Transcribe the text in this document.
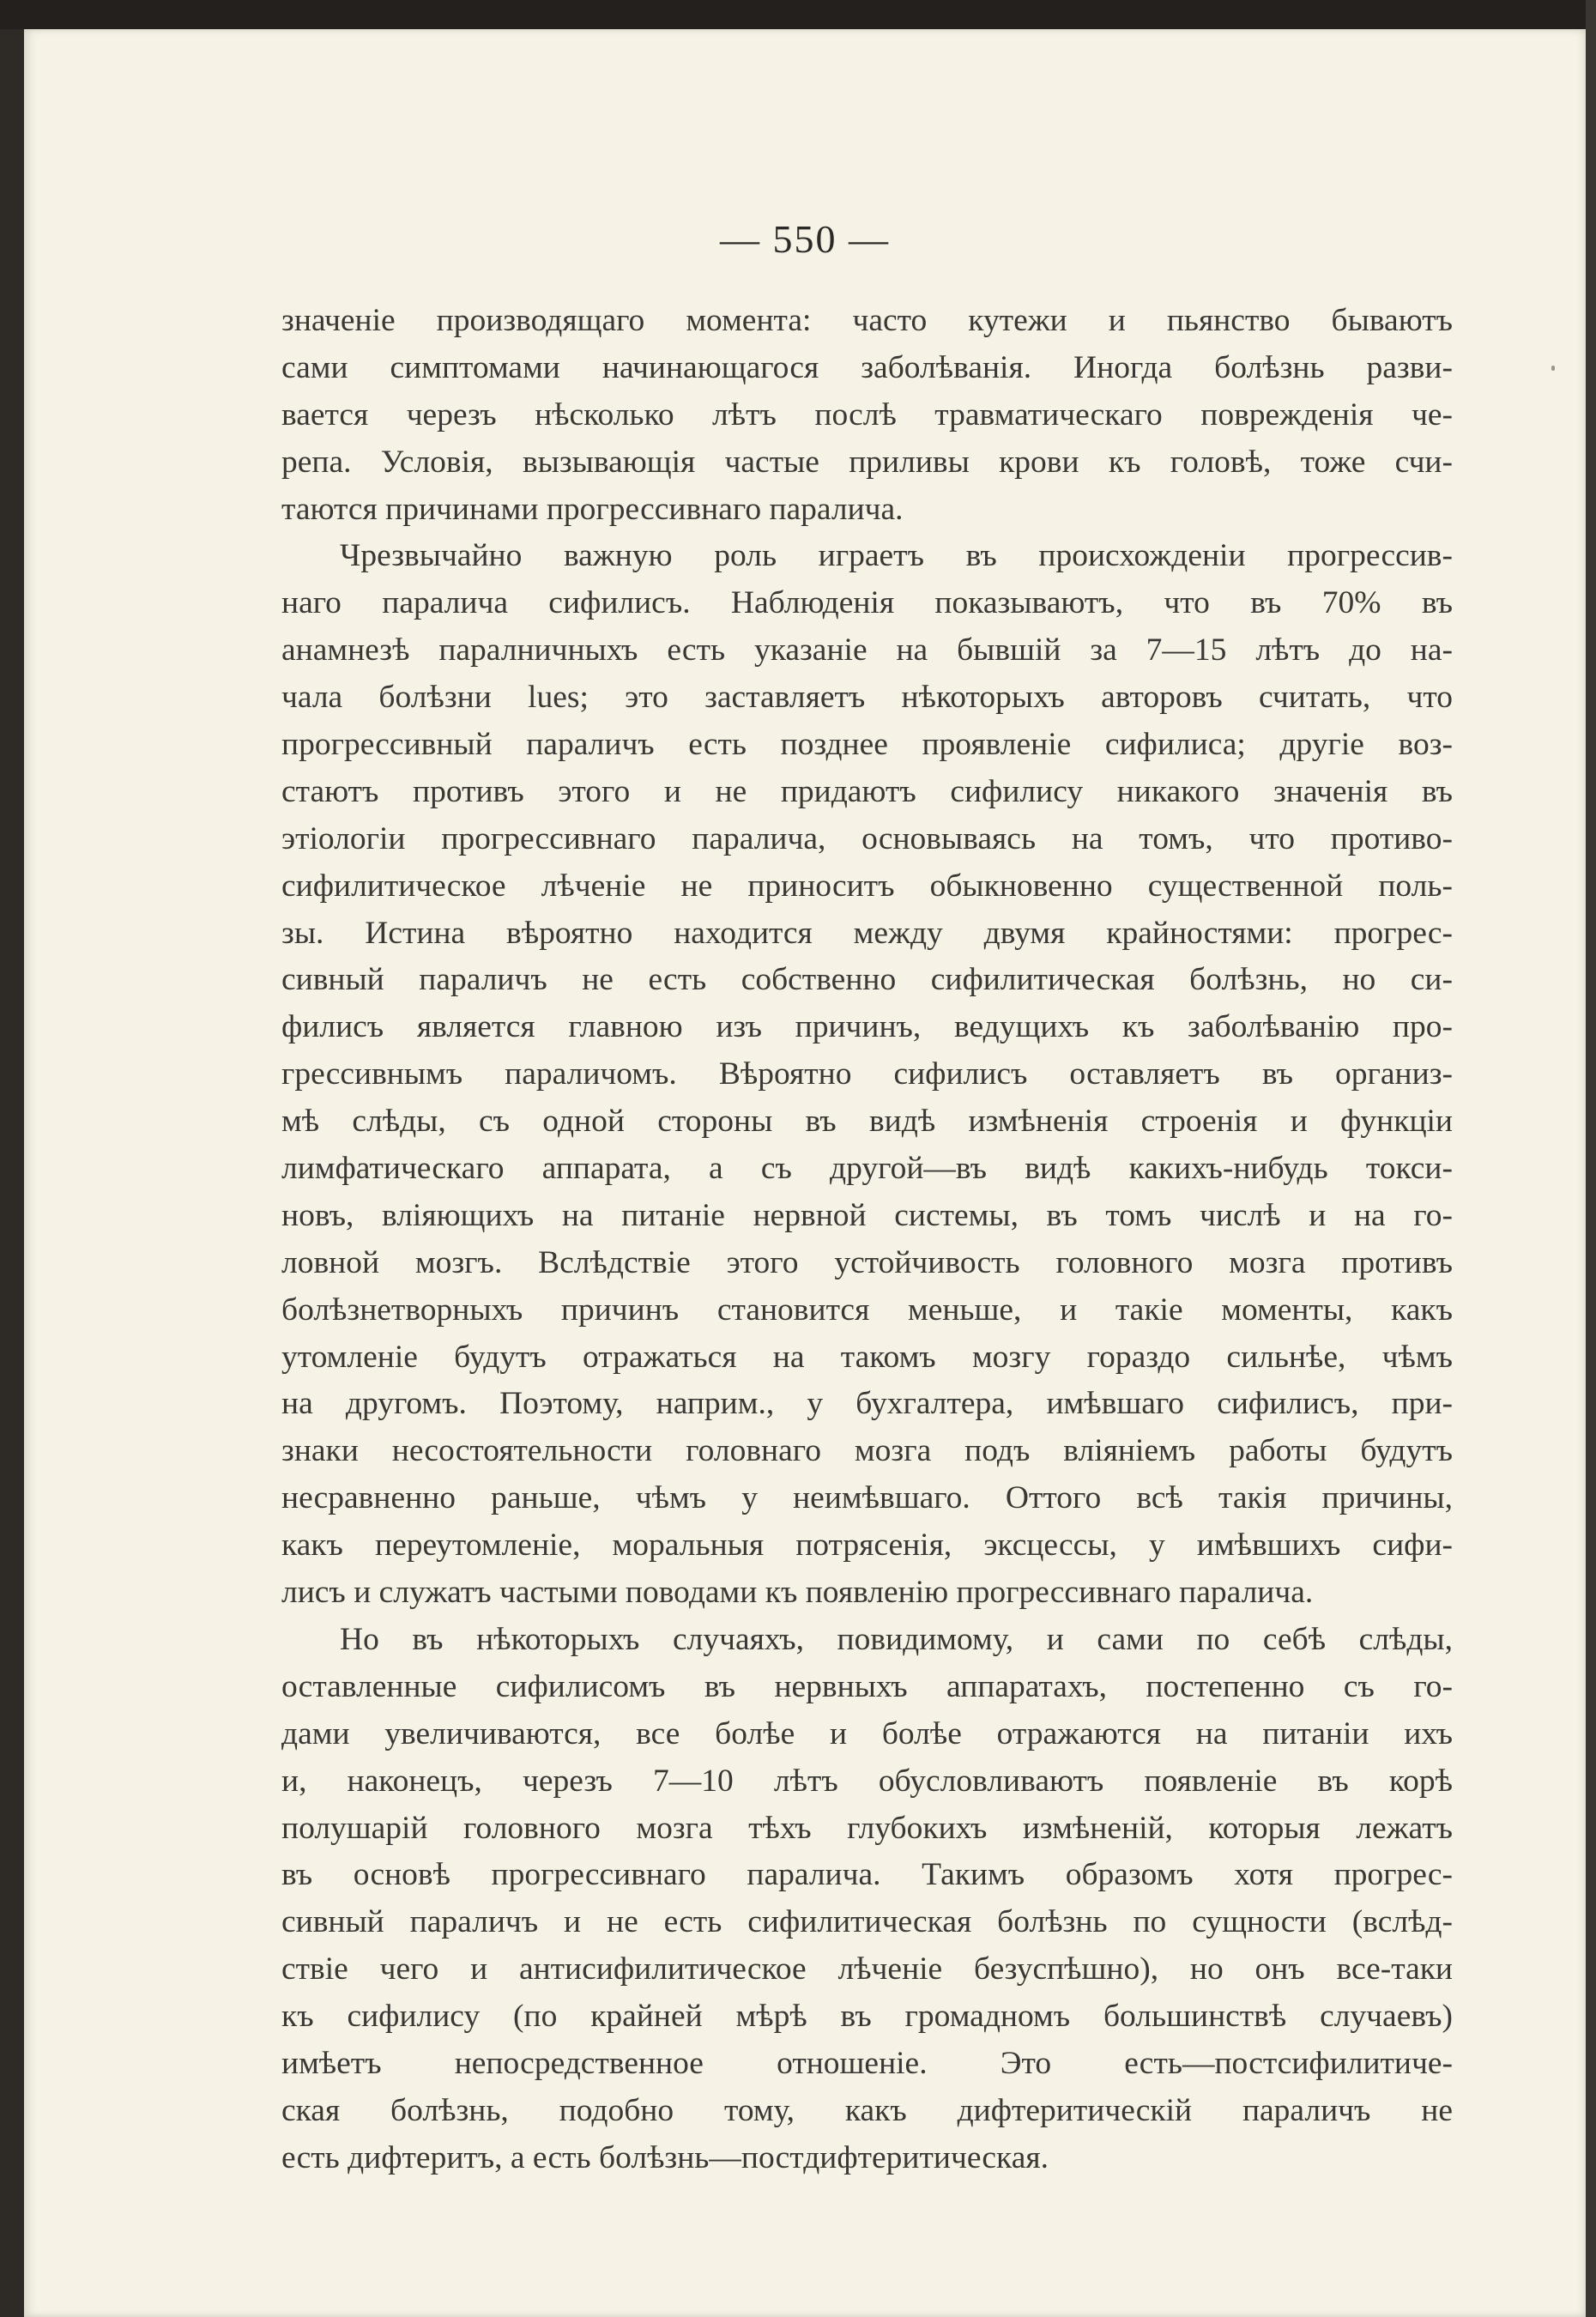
— 550 —
значеніе производящаго момента: часто кутежи и пьянство бываютъ
сами симптомами начинающагося заболѣванія. Иногда болѣзнь разви-
вается черезъ нѣсколько лѣтъ послѣ травматическаго поврежденія че-
репа. Условія, вызывающія частые приливы крови къ головѣ, тоже счи-
таются причинами прогрессивнаго паралича.
Чрезвычайно важную роль играетъ въ происхожденіи прогрессив-
наго паралича сифилисъ. Наблюденія показываютъ, что въ 70% въ
анамнезѣ паралничныхъ есть указаніе на бывшій за 7—15 лѣтъ до на-
чала болѣзни lues; это заставляетъ нѣкоторыхъ авторовъ считать, что
прогрессивный параличъ есть позднее проявленіе сифилиса; другіе воз-
стаютъ противъ этого и не придаютъ сифилису никакого значенія въ
этіологіи прогрессивнаго паралича, основываясь на томъ, что противо-
сифилитическое лѣченіе не приноситъ обыкновенно существенной поль-
зы. Истина вѣроятно находится между двумя крайностями: прогрес-
сивный параличъ не есть собственно сифилитическая болѣзнь, но си-
филисъ является главною изъ причинъ, ведущихъ къ заболѣванію про-
грессивнымъ параличомъ. Вѣроятно сифилисъ оставляетъ въ организ-
мѣ слѣды, съ одной стороны въ видѣ измѣненія строенія и функціи
лимфатическаго аппарата, а съ другой—въ видѣ какихъ-нибудь токси-
новъ, вліяющихъ на питаніе нервной системы, въ томъ числѣ и на го-
ловной мозгъ. Вслѣдствіе этого устойчивость головного мозга противъ
болѣзнетворныхъ причинъ становится меньше, и такіе моменты, какъ
утомленіе будутъ отражаться на такомъ мозгу гораздо сильнѣе, чѣмъ
на другомъ. Поэтому, наприм., у бухгалтера, имѣвшаго сифилисъ, при-
знаки несостоятельности головнаго мозга подъ вліяніемъ работы будутъ
несравненно раньше, чѣмъ у неимѣвшаго. Оттого всѣ такія причины,
какъ переутомленіе, моральныя потрясенія, эксцессы, у имѣвшихъ сифи-
лисъ и служатъ частыми поводами къ появленію прогрессивнаго паралича.
Но въ нѣкоторыхъ случаяхъ, повидимому, и сами по себѣ слѣды,
оставленные сифилисомъ въ нервныхъ аппаратахъ, постепенно съ го-
дами увеличиваются, все болѣе и болѣе отражаются на питаніи ихъ
и, наконецъ, черезъ 7—10 лѣтъ обусловливаютъ появленіе въ корѣ
полушарій головного мозга тѣхъ глубокихъ измѣненій, которыя лежатъ
въ основѣ прогрессивнаго паралича. Такимъ образомъ хотя прогрес-
сивный параличъ и не есть сифилитическая болѣзнь по сущности (вслѣд-
ствіе чего и антисифилитическое лѣченіе безуспѣшно), но онъ все-таки
къ сифилису (по крайней мѣрѣ въ громадномъ большинствѣ случаевъ)
имѣетъ непосредственное отношеніе. Это есть—постсифилитиче-
ская болѣзнь, подобно тому, какъ дифтеритическій параличъ не
есть дифтеритъ, а есть болѣзнь—постдифтеритическая.
